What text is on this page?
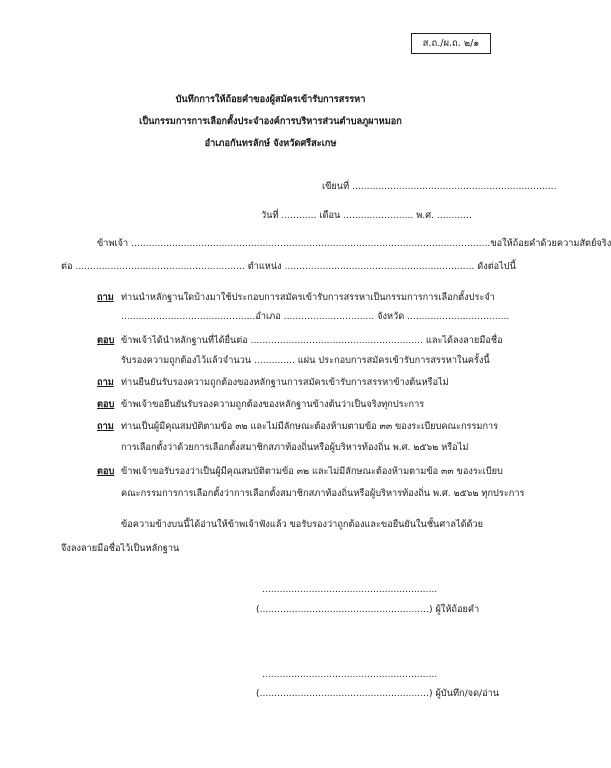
ส.ถ./ผ.ถ. ๒/๑
บันทึกการให้ถ้อยคำของผู้สมัครเข้ารับการสรรหา
เป็นกรรมการการเลือกตั้งประจำองค์การบริหารส่วนตำบลภูผาหมอก
อำเภอกันทรลักษ์ จังหวัดศรีสะเกษ
เขียนที่ ......................................................................
วันที่ ............ เดือน ........................ พ.ศ. ............
ข้าพเจ้า ...........................................................................................................................ขอให้ถ้อยคำด้วยความสัตย์จริง
ต่อ .......................................................... ตำแหน่ง ................................................................. ดังต่อไปนี้
ถาม ท่านนำหลักฐานใดบ้างมาใช้ประกอบการสมัครเข้ารับการสรรหาเป็นกรรมการการเลือกตั้งประจำ
..............................................อำเภอ ............................... จังหวัด ...................................
ตอบ ข้าพเจ้าได้นำหลักฐานที่ได้ยื่นต่อ ........................................................... และได้ลงลายมือชื่อ
รับรองความถูกต้องไว้แล้วจำนวน .............. แผ่น ประกอบการสมัครเข้ารับการสรรหาในครั้งนี้
ถาม ท่านยืนยันรับรองความถูกต้องของหลักฐานการสมัครเข้ารับการสรรหาข้างต้นหรือไม่
ตอบ ข้าพเจ้าขอยืนยันรับรองความถูกต้องของหลักฐานข้างต้นว่าเป็นจริงทุกประการ
ถาม ท่านเป็นผู้มีคุณสมบัติตามข้อ ๓๒ และไม่มีลักษณะต้องห้ามตามข้อ ๓๓ ของระเบียบคณะกรรมการ
การเลือกตั้งว่าด้วยการเลือกตั้งสมาชิกสภาท้องถิ่นหรือผู้บริหารท้องถิ่น พ.ศ. ๒๕๖๒ หรือไม่
ตอบ ข้าพเจ้าขอรับรองว่าเป็นผู้มีคุณสมบัติตามข้อ ๓๒ และไม่มีลักษณะต้องห้ามตามข้อ ๓๓ ของระเบียบ
คณะกรรมการการเลือกตั้งว่าการเลือกตั้งสมาชิกสภาท้องถิ่นหรือผู้บริหารท้องถิ่น พ.ศ. ๒๕๖๒ ทุกประการ
ข้อความข้างบนนี้ได้อ่านให้ข้าพเจ้าฟังแล้ว ขอรับรองว่าถูกต้องและขอยืนยันในชั้นศาลได้ด้วย
จึงลงลายมือชื่อไว้เป็นหลักฐาน
............................................................
(..........................................................) ผู้ให้ถ้อยคำ
............................................................
(..........................................................) ผู้บันทึก/จด/อ่าน
